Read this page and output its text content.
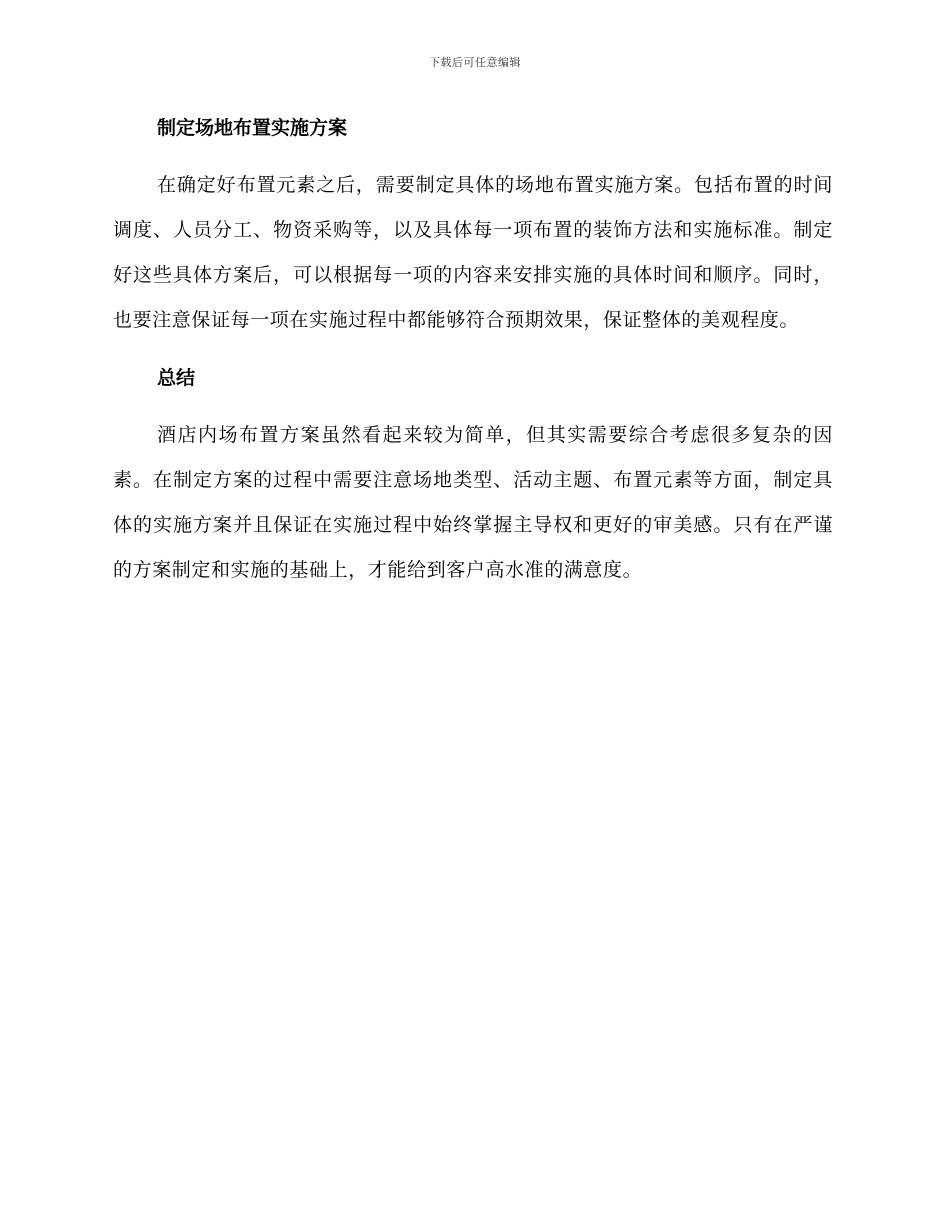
下载后可任意编辑
制定场地布置实施方案

在确定好布置元素之后，需要制定具体的场地布置实施方案。包括布置的时间调度、人员分工、物资采购等，以及具体每一项布置的装饰方法和实施标准。制定好这些具体方案后，可以根据每一项的内容来安排实施的具体时间和顺序。同时，也要注意保证每一项在实施过程中都能够符合预期效果，保证整体的美观程度。

总结

酒店内场布置方案虽然看起来较为简单，但其实需要综合考虑很多复杂的因素。在制定方案的过程中需要注意场地类型、活动主题、布置元素等方面，制定具体的实施方案并且保证在实施过程中始终掌握主导权和更好的审美感。只有在严谨的方案制定和实施的基础上，才能给到客户高水准的满意度。
